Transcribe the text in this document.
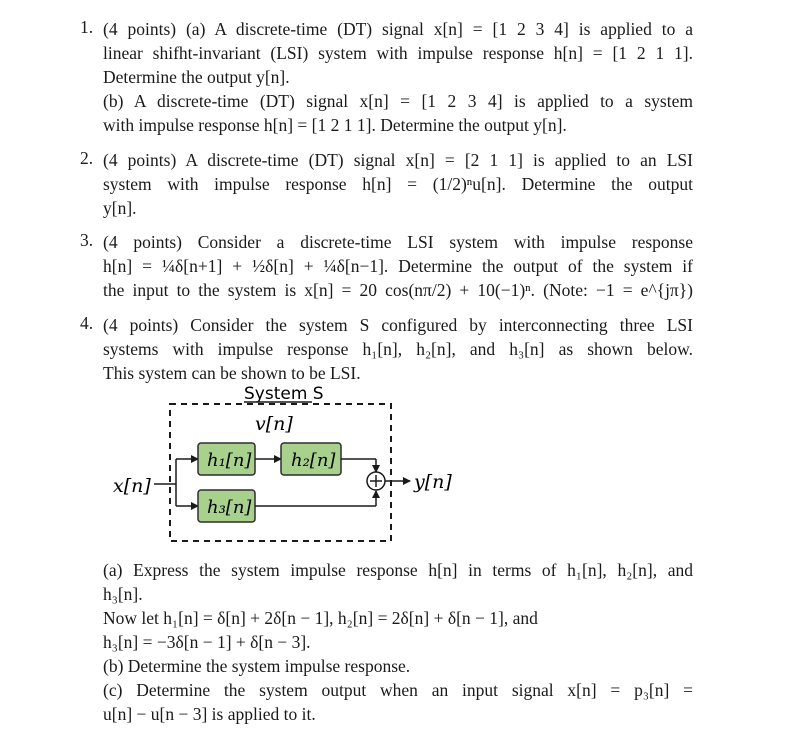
1. (4 points) (a) A discrete-time (DT) signal x[n] = [1 2 3 4] is applied to a
linear shifht-invariant (LSI) system with impulse response h[n] = [1 2 1 1].
Determine the output y[n].
(b) A discrete-time (DT) signal x[n] = [1 2 3 4] is applied to a system
with impulse response h[n] = [1 2 1 1]. Determine the output y[n].
2. (4 points) A discrete-time (DT) signal x[n] = [2 1 1] is applied to an LSI
system with impulse response h[n] = (1/2)ⁿu[n]. Determine the output
y[n].
3. (4 points) Consider a discrete-time LSI system with impulse response
h[n] = ¼δ[n+1] + ½δ[n] + ¼δ[n−1]. Determine the output of the system if
the input to the system is x[n] = 20 cos(nπ/2) + 10(−1)ⁿ. (Note: −1 = e^{jπ})
4. (4 points) Consider the system S configured by interconnecting three LSI
systems with impulse response h₁[n], h₂[n], and h₃[n] as shown below.
This system can be shown to be LSI.
(a) Express the system impulse response h[n] in terms of h₁[n], h₂[n], and
h₃[n].
Now let h₁[n] = δ[n] + 2δ[n − 1], h₂[n] = 2δ[n] + δ[n − 1], and
h₃[n] = −3δ[n − 1] + δ[n − 3].
(b) Determine the system impulse response.
(c) Determine the system output when an input signal x[n] = p₃[n] =
u[n] − u[n − 3] is applied to it.
System S
v[n]
x[n]
h₁[n] h₂[n]
h₃[n]
y[n]
